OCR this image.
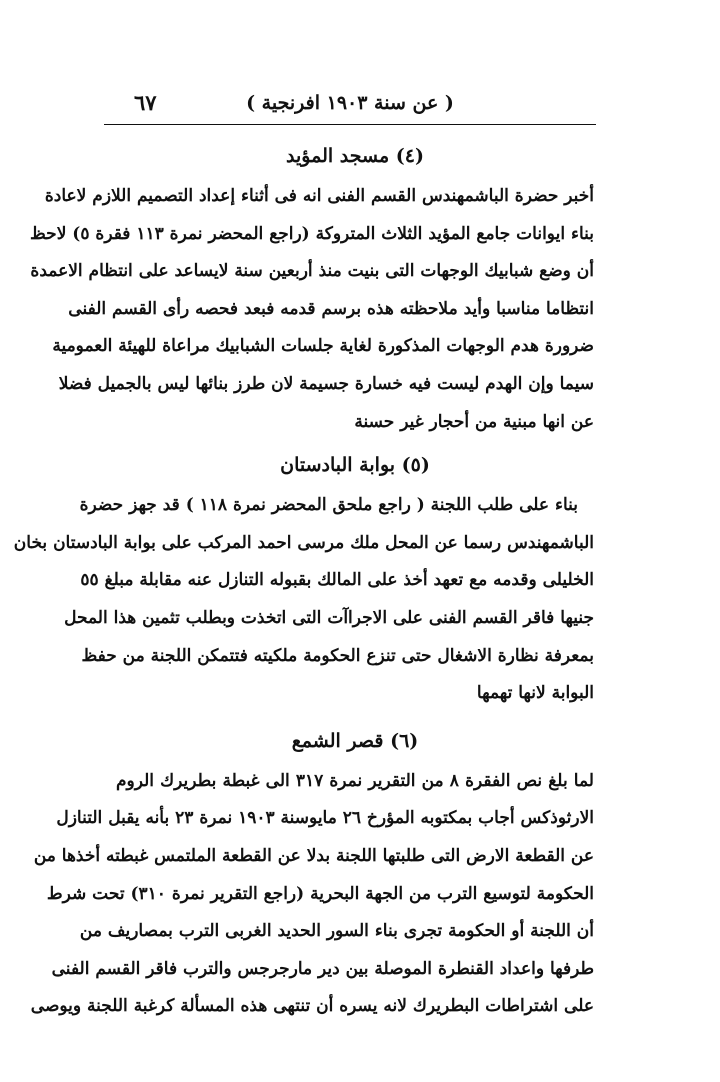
( عن سنة ١٩٠٣ افرنجية )
٦٧
(٤) مسجد المؤيد
أخبر حضرة الباشمهندس القسم الفنى انه فى أثناء إعداد التصميم اللازم لاعادة
بناء ايوانات جامع المؤيد الثلاث المتروكة (راجع المحضر نمرة ١١٣ فقرة ٥) لاحظ
أن وضع شبابيك الوجهات التى بنيت منذ أربعين سنة لايساعد على انتظام الاعمدة
انتظاما مناسبا وأيد ملاحظته هذه برسم قدمه فبعد فحصه رأى القسم الفنى
ضرورة هدم الوجهات المذكورة لغاية جلسات الشبابيك مراعاة للهيئة العمومية
سيما وإن الهدم ليست فيه خسارة جسيمة لان طرز بنائها ليس بالجميل فضلا
عن انها مبنية من أحجار غير حسنة
(٥) بوابة البادستان
بناء على طلب اللجنة ( راجع ملحق المحضر نمرة ١١٨ ) قد جهز حضرة
الباشمهندس رسما عن المحل ملك مرسى احمد المركب على بوابة البادستان بخان
الخليلى وقدمه مع تعهد أخذ على المالك بقبوله التنازل عنه مقابلة مبلغ ٥٥
جنيها فاقر القسم الفنى على الاجراآت التى اتخذت وبطلب تثمين هذا المحل
بمعرفة نظارة الاشغال حتى تنزع الحكومة ملكيته فتتمكن اللجنة من حفظ
البوابة لانها تهمها
(٦) قصر الشمع
لما بلغ نص الفقرة ٨ من التقرير نمرة ٣١٧ الى غبطة بطريرك الروم
الارثوذكس أجاب بمكتوبه المؤرخ ٢٦ مايوسنة ١٩٠٣ نمرة ٢٣ بأنه يقبل التنازل
عن القطعة الارض التى طلبتها اللجنة بدلا عن القطعة الملتمس غبطته أخذها من
الحكومة لتوسيع الترب من الجهة البحرية (راجع التقرير نمرة ٣١٠) تحت شرط
أن اللجنة أو الحكومة تجرى بناء السور الحديد الغربى الترب بمصاريف من
طرفها واعداد القنطرة الموصلة بين دير مارجرجس والترب فاقر القسم الفنى
على اشتراطات البطريرك لانه يسره أن تنتهى هذه المسألة كرغبة اللجنة ويوصى
